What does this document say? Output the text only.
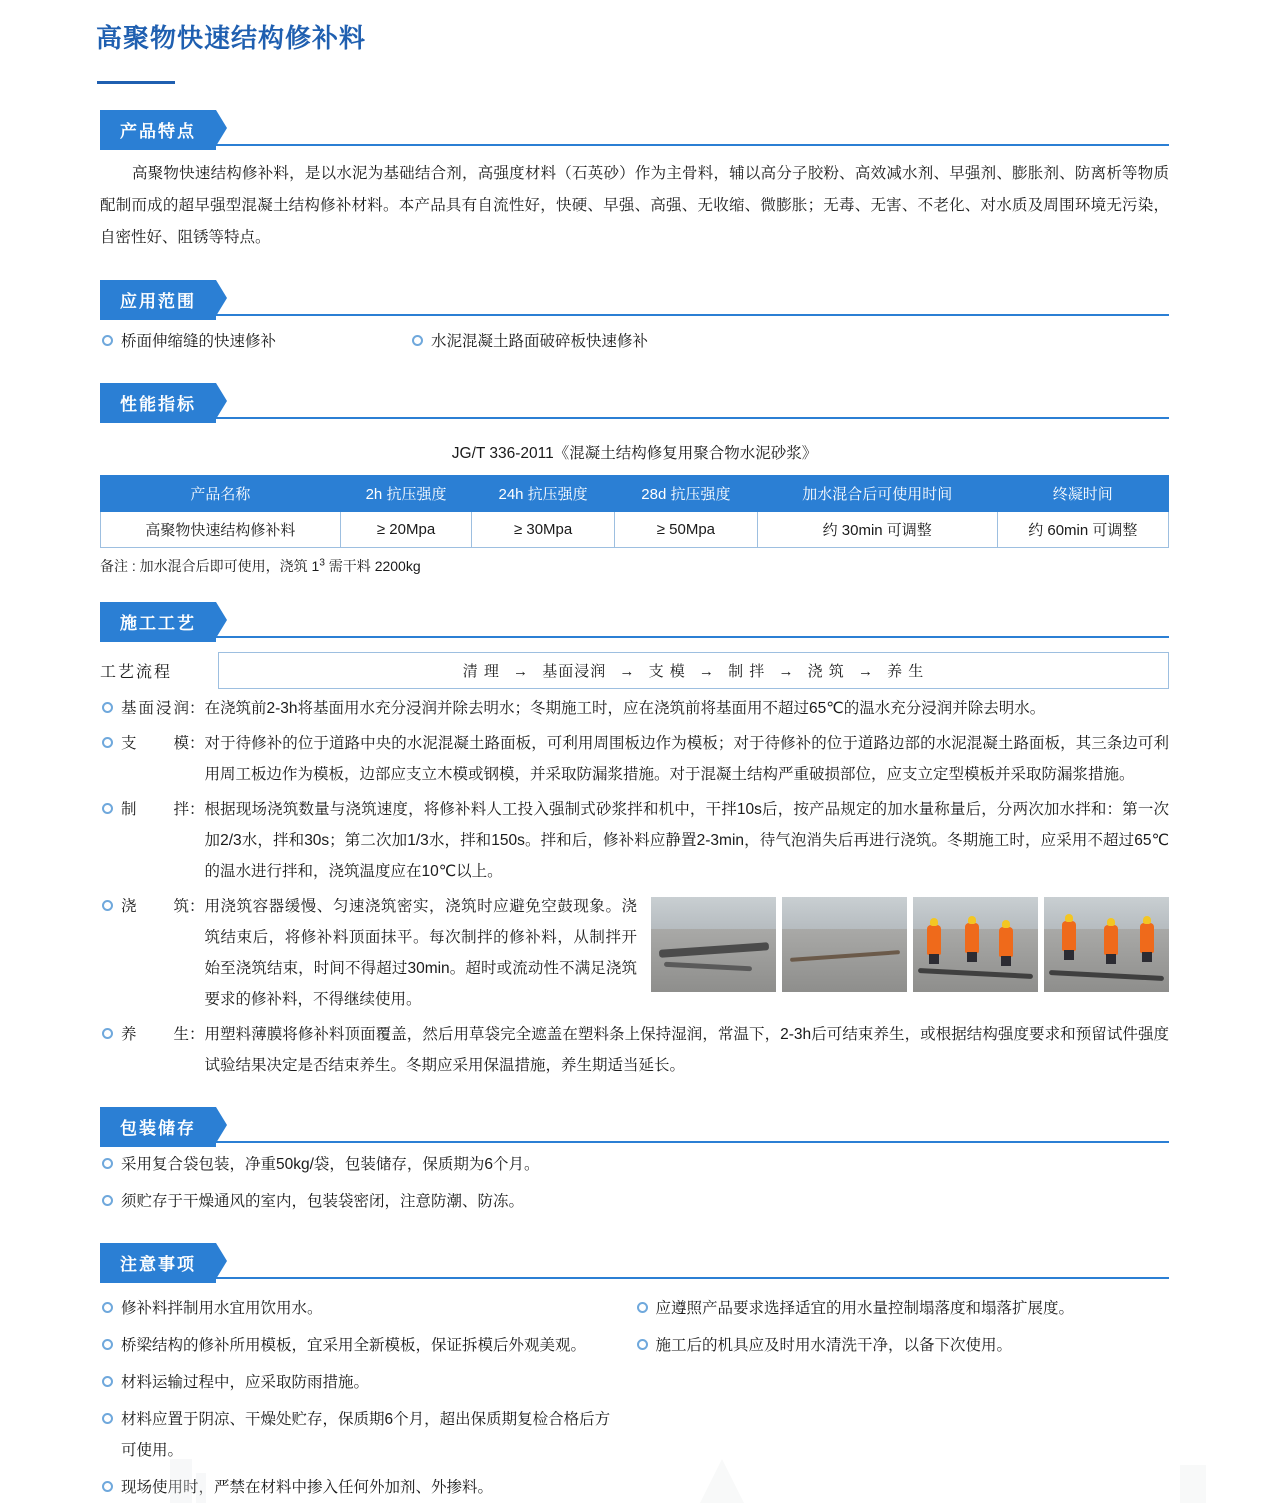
高聚物快速结构修补料
产品特点

高聚物快速结构修补料，是以水泥为基础结合剂，高强度材料（石英砂）作为主骨料，辅以高分子胶粉、高效减水剂、早强剂、膨胀剂、防离析等物质配制而成的超早强型混凝土结构修补材料。本产品具有自流性好，快硬、早强、高强、无收缩、微膨胀；无毒、无害、不老化、对水质及周围环境无污染，自密性好、阻锈等特点。

应用范围
桥面伸缩缝的快速修补	水泥混凝土路面破碎板快速修补
性能指标
JG/T 336-2011《混凝土结构修复用聚合物水泥砂浆》
产品名称	2h 抗压强度	24h 抗压强度	28d 抗压强度	加水混合后可使用时间	终凝时间
高聚物快速结构修补料	≥ 20Mpa	≥ 30Mpa	≥ 50Mpa	约 30min 可调整	约 60min 可调整
备注 : 加水混合后即可使用，浇筑 $1^3$ 需干料 2200kg
施工工艺
工艺流程	清 理 → 基面浸润 → 支 模 → 制 拌 → 浇 筑 → 养 生
基面浸润 ： 在浇筑前2-3h将基面用水充分浸润并除去明水；冬期施工时，应在浇筑前将基面用不超过65℃的温水充分浸润并除去明水。
支 模 ： 对于待修补的位于道路中央的水泥混凝土路面板，可利用周围板边作为模板；对于待修补的位于道路边部的水泥混凝土路面板，其三条边可利用周工板边作为模板，边部应支立木模或钢模，并采取防漏浆措施。对于混凝土结构严重破损部位，应支立定型模板并采取防漏浆措施。
制 拌 ： 根据现场浇筑数量与浇筑速度，将修补料人工投入强制式砂浆拌和机中，干拌10s后，按产品规定的加水量称量后，分两次加水拌和：第一次加2/3水，拌和30s；第二次加1/3水，拌和150s。拌和后，修补料应静置2-3min，待气泡消失后再进行浇筑。冬期施工时，应采用不超过65℃的温水进行拌和，浇筑温度应在10℃以上。
浇 筑 ： 用浇筑容器缓慢、匀速浇筑密实，浇筑时应避免空鼓现象。浇筑结束后，将修补料顶面抹平。每次制拌的修补料，从制拌开始至浇筑结束，时间不得超过30min。超时或流动性不满足浇筑要求的修补料，不得继续使用。
养 生 ： 用塑料薄膜将修补料顶面覆盖，然后用草袋完全遮盖在塑料条上保持湿润，常温下，2-3h后可结束养生，或根据结构强度要求和预留试件强度试验结果决定是否结束养生。冬期应采用保温措施，养生期适当延长。
包装储存
采用复合袋包装，净重50kg/袋，包装储存，保质期为6个月。
须贮存于干燥通风的室内，包装袋密闭，注意防潮、防冻。
注意事项
修补料拌制用水宜用饮用水。
桥梁结构的修补所用模板，宜采用全新模板，保证拆模后外观美观。
材料运输过程中，应采取防雨措施。
材料应置于阴凉、干燥处贮存，保质期6个月，超出保质期复检合格后方可使用。
现场使用时，严禁在材料中掺入任何外加剂、外掺料。
应遵照产品要求选择适宜的用水量控制塌落度和塌落扩展度。
施工后的机具应及时用水清洗干净，以备下次使用。
